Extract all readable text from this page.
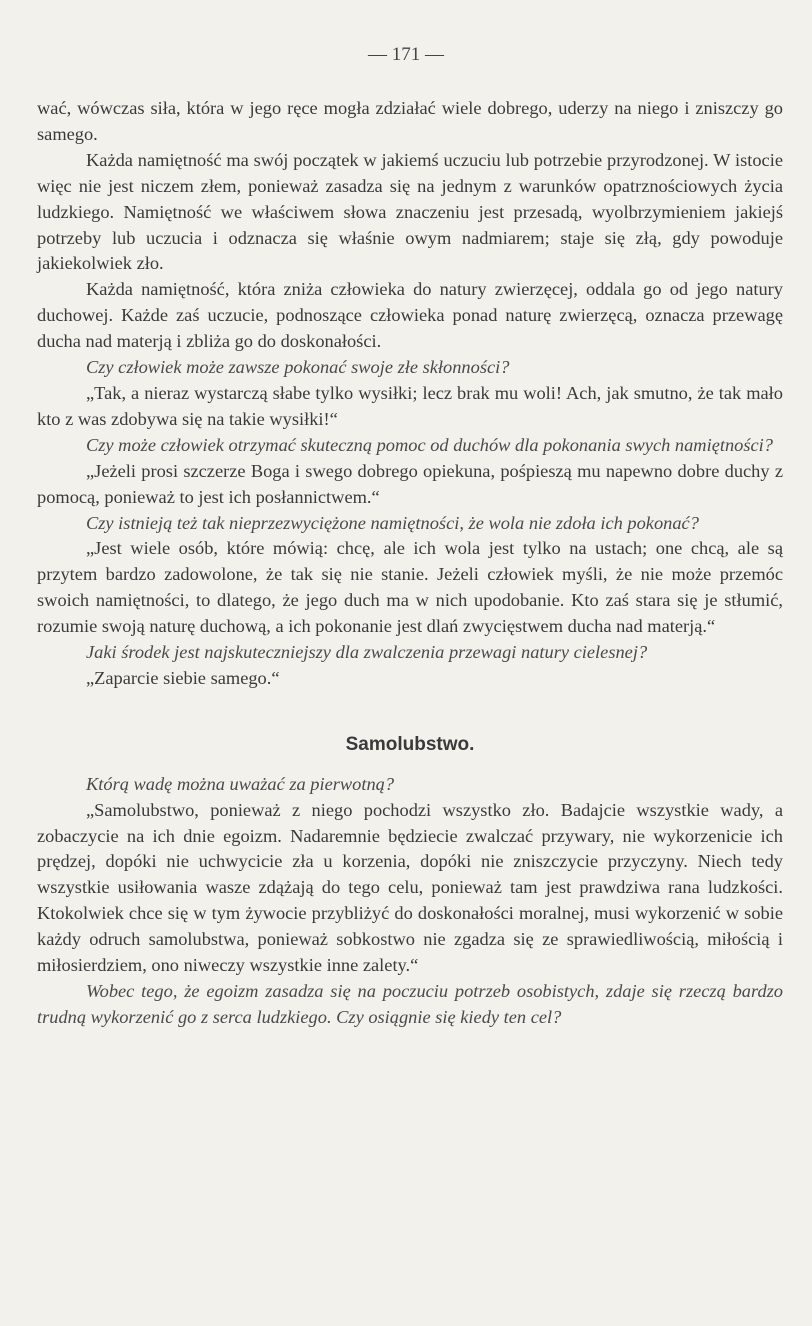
— 171 —

wać, wówczas siła, która w jego ręce mogła zdziałać wiele dobrego, uderzy na niego i zniszczy go samego.

Każda namiętność ma swój początek w jakiemś uczuciu lub potrzebie przyrodzonej. W istocie więc nie jest niczem złem, ponieważ zasadza się na jednym z warunków opatrznościowych życia ludzkiego. Namiętność we właściwem słowa znaczeniu jest przesadą, wyolbrzymieniem jakiejś potrzeby lub uczucia i odznacza się właśnie owym nadmiarem; staje się złą, gdy powoduje jakiekolwiek zło.

Każda namiętność, która zniża człowieka do natury zwierzęcej, oddala go od jego natury duchowej. Każde zaś uczucie, podnoszące człowieka ponad naturę zwierzęcą, oznacza przewagę ducha nad materją i zbliża go do doskonałości.

Czy człowiek może zawsze pokonać swoje złe skłonności?

„Tak, a nieraz wystarczą słabe tylko wysiłki; lecz brak mu woli! Ach, jak smutno, że tak mało kto z was zdobywa się na takie wysiłki!“

Czy może człowiek otrzymać skuteczną pomoc od duchów dla pokonania swych namiętności?

„Jeżeli prosi szczerze Boga i swego dobrego opiekuna, pośpieszą mu napewno dobre duchy z pomocą, ponieważ to jest ich posłannictwem.“

Czy istnieją też tak nieprzezwyciężone namiętności, że wola nie zdoła ich pokonać?

„Jest wiele osób, które mówią: chcę, ale ich wola jest tylko na ustach; one chcą, ale są przytem bardzo zadowolone, że tak się nie stanie. Jeżeli człowiek myśli, że nie może przemóc swoich namiętności, to dlatego, że jego duch ma w nich upodobanie. Kto zaś stara się je stłumić, rozumie swoją naturę duchową, a ich pokonanie jest dlań zwycięstwem ducha nad materją.“

Jaki środek jest najskuteczniejszy dla zwalczenia przewagi natury cielesnej?

„Zaparcie siebie samego.“

Samolubstwo.

Którą wadę można uważać za pierwotną?

„Samolubstwo, ponieważ z niego pochodzi wszystko zło. Badajcie wszystkie wady, a zobaczycie na ich dnie egoizm. Nadaremnie będziecie zwalczać przywary, nie wykorzenicie ich prędzej, dopóki nie uchwycicie zła u korzenia, dopóki nie zniszczycie przyczyny. Niech tedy wszystkie usiłowania wasze zdążają do tego celu, ponieważ tam jest prawdziwa rana ludzkości. Ktokolwiek chce się w tym żywocie przybliżyć do doskonałości moralnej, musi wykorzenić w sobie każdy odruch samolubstwa, ponieważ sobkostwo nie zgadza się ze sprawiedliwością, miłością i miłosierdziem, ono niweczy wszystkie inne zalety.“

Wobec tego, że egoizm zasadza się na poczuciu potrzeb osobistych, zdaje się rzeczą bardzo trudną wykorzenić go z serca ludzkiego. Czy osiągnie się kiedy ten cel?
